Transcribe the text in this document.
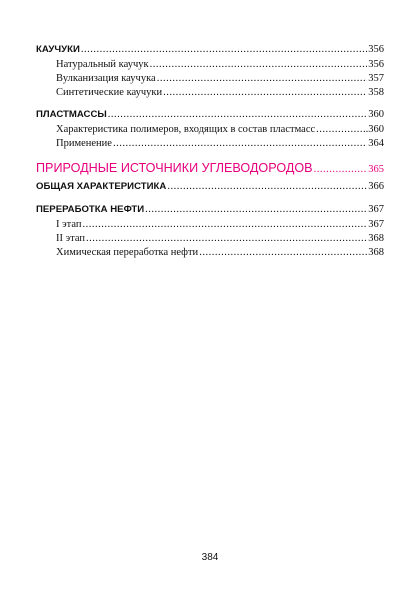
КАУЧУКИ .....	356
Натуральный каучук .....	356
Вулканизация каучука .....	357
Синтетические каучуки .....	358
ПЛАСТМАССЫ .....	360
Характеристика полимеров, входящих в состав пластмасс .....	.360
Применение .....	364
ПРИРОДНЫЕ ИСТОЧНИКИ УГЛЕВОДОРОДОВ .....	365
ОБЩАЯ ХАРАКТЕРИСТИКА .....	366
ПЕРЕРАБОТКА НЕФТИ .....	367
I этап .....	367
II этап .....	368
Химическая переработка нефти .....	368
384
